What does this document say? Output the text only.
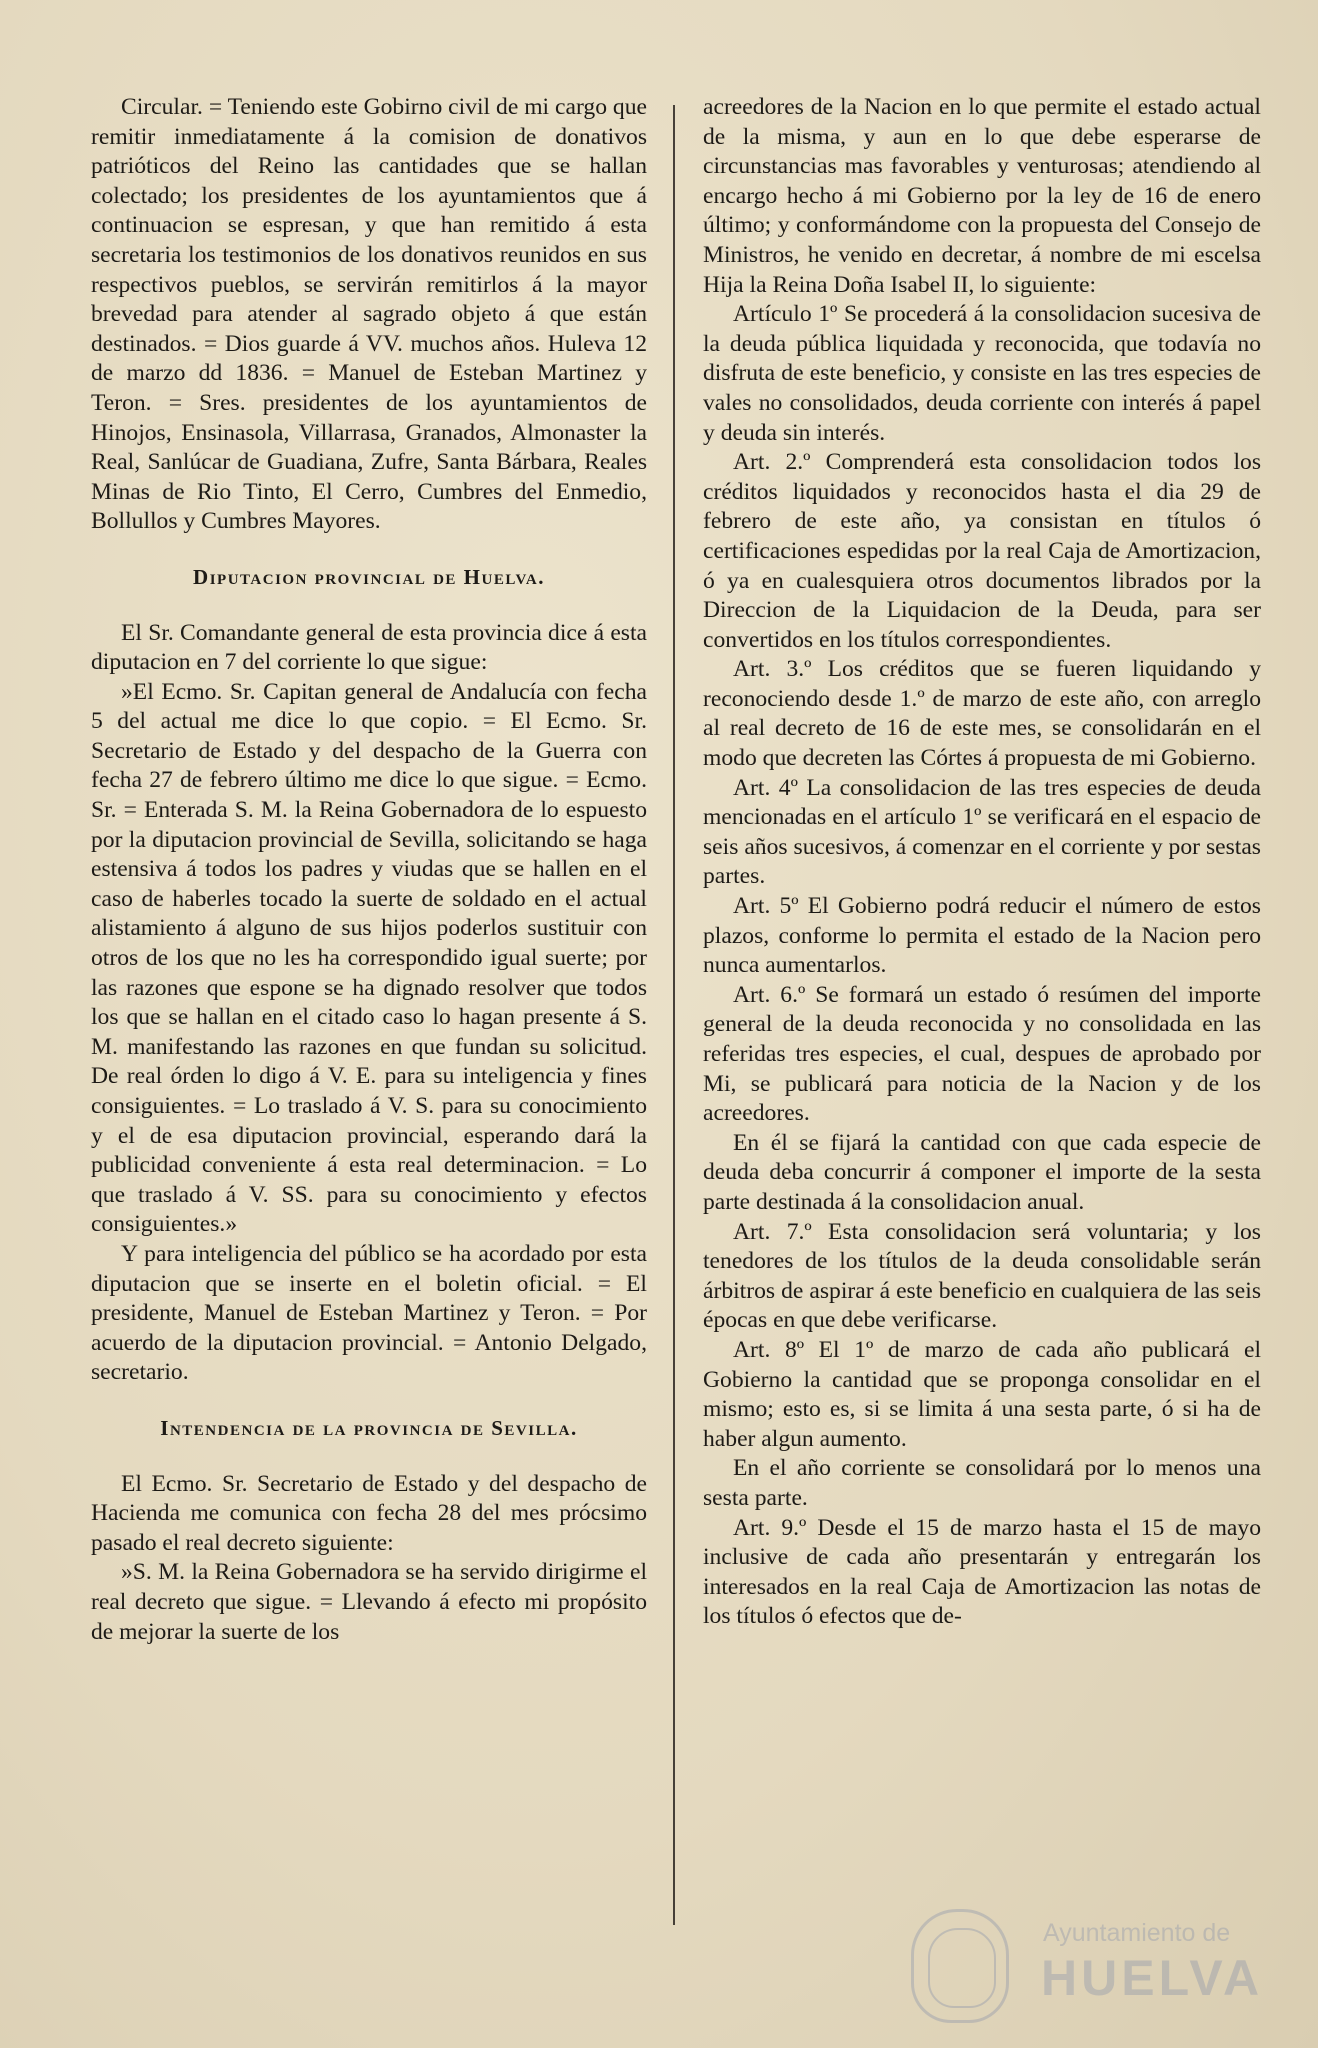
Circular. = Teniendo este Gobirno civil de mi cargo que remitir inmediatamente á la comision de donativos patrióticos del Reino las cantidades que se hallan colectado; los presidentes de los ayuntamientos que á continuacion se espresan, y que han remitido á esta secretaria los testimonios de los donativos reunidos en sus respectivos pueblos, se servirán remitirlos á la mayor brevedad para atender al sagrado objeto á que están destinados. = Dios guarde á VV. muchos años. Huleva 12 de marzo dd 1836. = Manuel de Esteban Martinez y Teron. = Sres. presidentes de los ayuntamientos de Hinojos, Ensinasola, Villarrasa, Granados, Almonaster la Real, Sanlúcar de Guadiana, Zufre, Santa Bárbara, Reales Minas de Rio Tinto, El Cerro, Cumbres del Enmedio, Bollullos y Cumbres Mayores.

Diputacion provincial de Huelva.

El Sr. Comandante general de esta provincia dice á esta diputacion en 7 del corriente lo que sigue:

»El Ecmo. Sr. Capitan general de Andalucía con fecha 5 del actual me dice lo que copio. = El Ecmo. Sr. Secretario de Estado y del despacho de la Guerra con fecha 27 de febrero último me dice lo que sigue. = Ecmo. Sr. = Enterada S. M. la Reina Gobernadora de lo espuesto por la diputacion provincial de Sevilla, solicitando se haga estensiva á todos los padres y viudas que se hallen en el caso de haberles tocado la suerte de soldado en el actual alistamiento á alguno de sus hijos poderlos sustituir con otros de los que no les ha correspondido igual suerte; por las razones que espone se ha dignado resolver que todos los que se hallan en el citado caso lo hagan presente á S. M. manifestando las razones en que fundan su solicitud. De real órden lo digo á V. E. para su inteligencia y fines consiguientes. = Lo traslado á V. S. para su conocimiento y el de esa diputacion provincial, esperando dará la publicidad conveniente á esta real determinacion. = Lo que traslado á V. SS. para su conocimiento y efectos consiguientes.»

Y para inteligencia del público se ha acordado por esta diputacion que se inserte en el boletin oficial. = El presidente, Manuel de Esteban Martinez y Teron. = Por acuerdo de la diputacion provincial. = Antonio Delgado, secretario.

Intendencia de la provincia de Sevilla.

El Ecmo. Sr. Secretario de Estado y del despacho de Hacienda me comunica con fecha 28 del mes prócsimo pasado el real decreto siguiente:

»S. M. la Reina Gobernadora se ha servido dirigirme el real decreto que sigue. = Llevando á efecto mi propósito de mejorar la suerte de los

acreedores de la Nacion en lo que permite el estado actual de la misma, y aun en lo que debe esperarse de circunstancias mas favorables y venturosas; atendiendo al encargo hecho á mi Gobierno por la ley de 16 de enero último; y conformándome con la propuesta del Consejo de Ministros, he venido en decretar, á nombre de mi escelsa Hija la Reina Doña Isabel II, lo siguiente:

Artículo 1º Se procederá á la consolidacion sucesiva de la deuda pública liquidada y reconocida, que todavía no disfruta de este beneficio, y consiste en las tres especies de vales no consolidados, deuda corriente con interés á papel y deuda sin interés.

Art. 2.º Comprenderá esta consolidacion todos los créditos liquidados y reconocidos hasta el dia 29 de febrero de este año, ya consistan en títulos ó certificaciones espedidas por la real Caja de Amortizacion, ó ya en cualesquiera otros documentos librados por la Direccion de la Liquidacion de la Deuda, para ser convertidos en los títulos correspondientes.

Art. 3.º Los créditos que se fueren liquidando y reconociendo desde 1.º de marzo de este año, con arreglo al real decreto de 16 de este mes, se consolidarán en el modo que decreten las Córtes á propuesta de mi Gobierno.

Art. 4º La consolidacion de las tres especies de deuda mencionadas en el artículo 1º se verificará en el espacio de seis años sucesivos, á comenzar en el corriente y por sestas partes.

Art. 5º El Gobierno podrá reducir el número de estos plazos, conforme lo permita el estado de la Nacion pero nunca aumentarlos.

Art. 6.º Se formará un estado ó resúmen del importe general de la deuda reconocida y no consolidada en las referidas tres especies, el cual, despues de aprobado por Mi, se publicará para noticia de la Nacion y de los acreedores.

En él se fijará la cantidad con que cada especie de deuda deba concurrir á componer el importe de la sesta parte destinada á la consolidacion anual.

Art. 7.º Esta consolidacion será voluntaria; y los tenedores de los títulos de la deuda consolidable serán árbitros de aspirar á este beneficio en cualquiera de las seis épocas en que debe verificarse.

Art. 8º El 1º de marzo de cada año publicará el Gobierno la cantidad que se proponga consolidar en el mismo; esto es, si se limita á una sesta parte, ó si ha de haber algun aumento.

En el año corriente se consolidará por lo menos una sesta parte.

Art. 9.º Desde el 15 de marzo hasta el 15 de mayo inclusive de cada año presentarán y entregarán los interesados en la real Caja de Amortizacion las notas de los títulos ó efectos que de-

Ayuntamiento de
HUELVA
